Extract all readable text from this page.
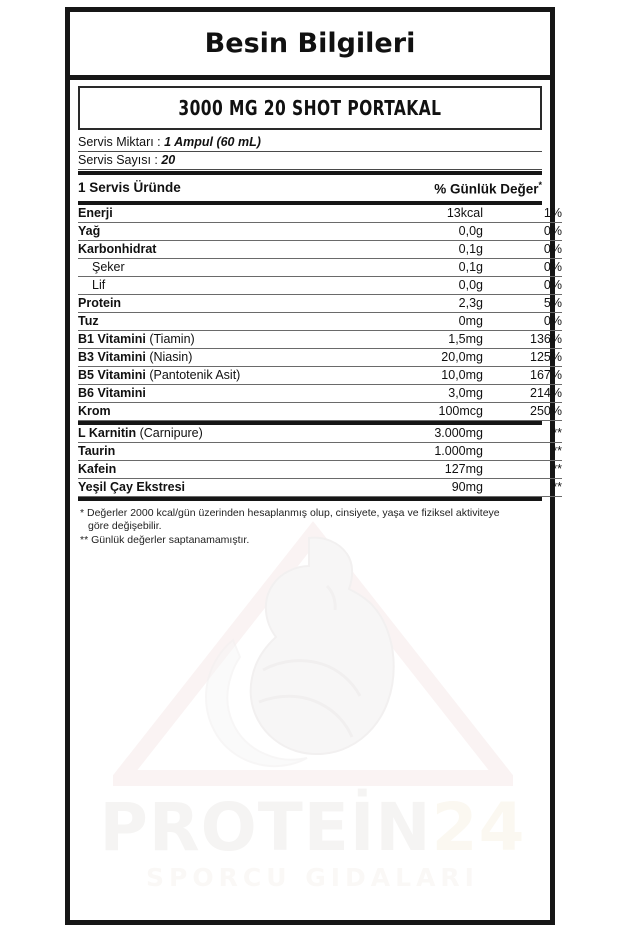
PROTEİN24
SPORCU GIDALARI
Besin Bilgileri
3000 MG 20 SHOT PORTAKAL
Servis Miktarı : 1 Ampul (60 mL)
Servis Sayısı : 20
1 Servis Üründe	% Günlük Değer*
Enerji	13kcal	1%
Yağ	0,0g	0%
Karbonhidrat	0,1g	0%
Şeker	0,1g	0%
Lif	0,0g	0%
Protein	2,3g	5%
Tuz	0mg	0%
B1 Vitamini (Tiamin)	1,5mg	136%
B3 Vitamini (Niasin)	20,0mg	125%
B5 Vitamini (Pantotenik Asit)	10,0mg	167%
B6 Vitamini	3,0mg	214%
Krom	100mcg	250%
L Karnitin (Carnipure)	3.000mg	**
Taurin	1.000mg	**
Kafein	127mg	**
Yeşil Çay Ekstresi	90mg	**

* Değerler 2000 kcal/gün üzerinden hesaplanmış olup, cinsiyete, yaşa ve fiziksel aktiviteye

göre değişebilir.

** Günlük değerler saptanamamıştır.
